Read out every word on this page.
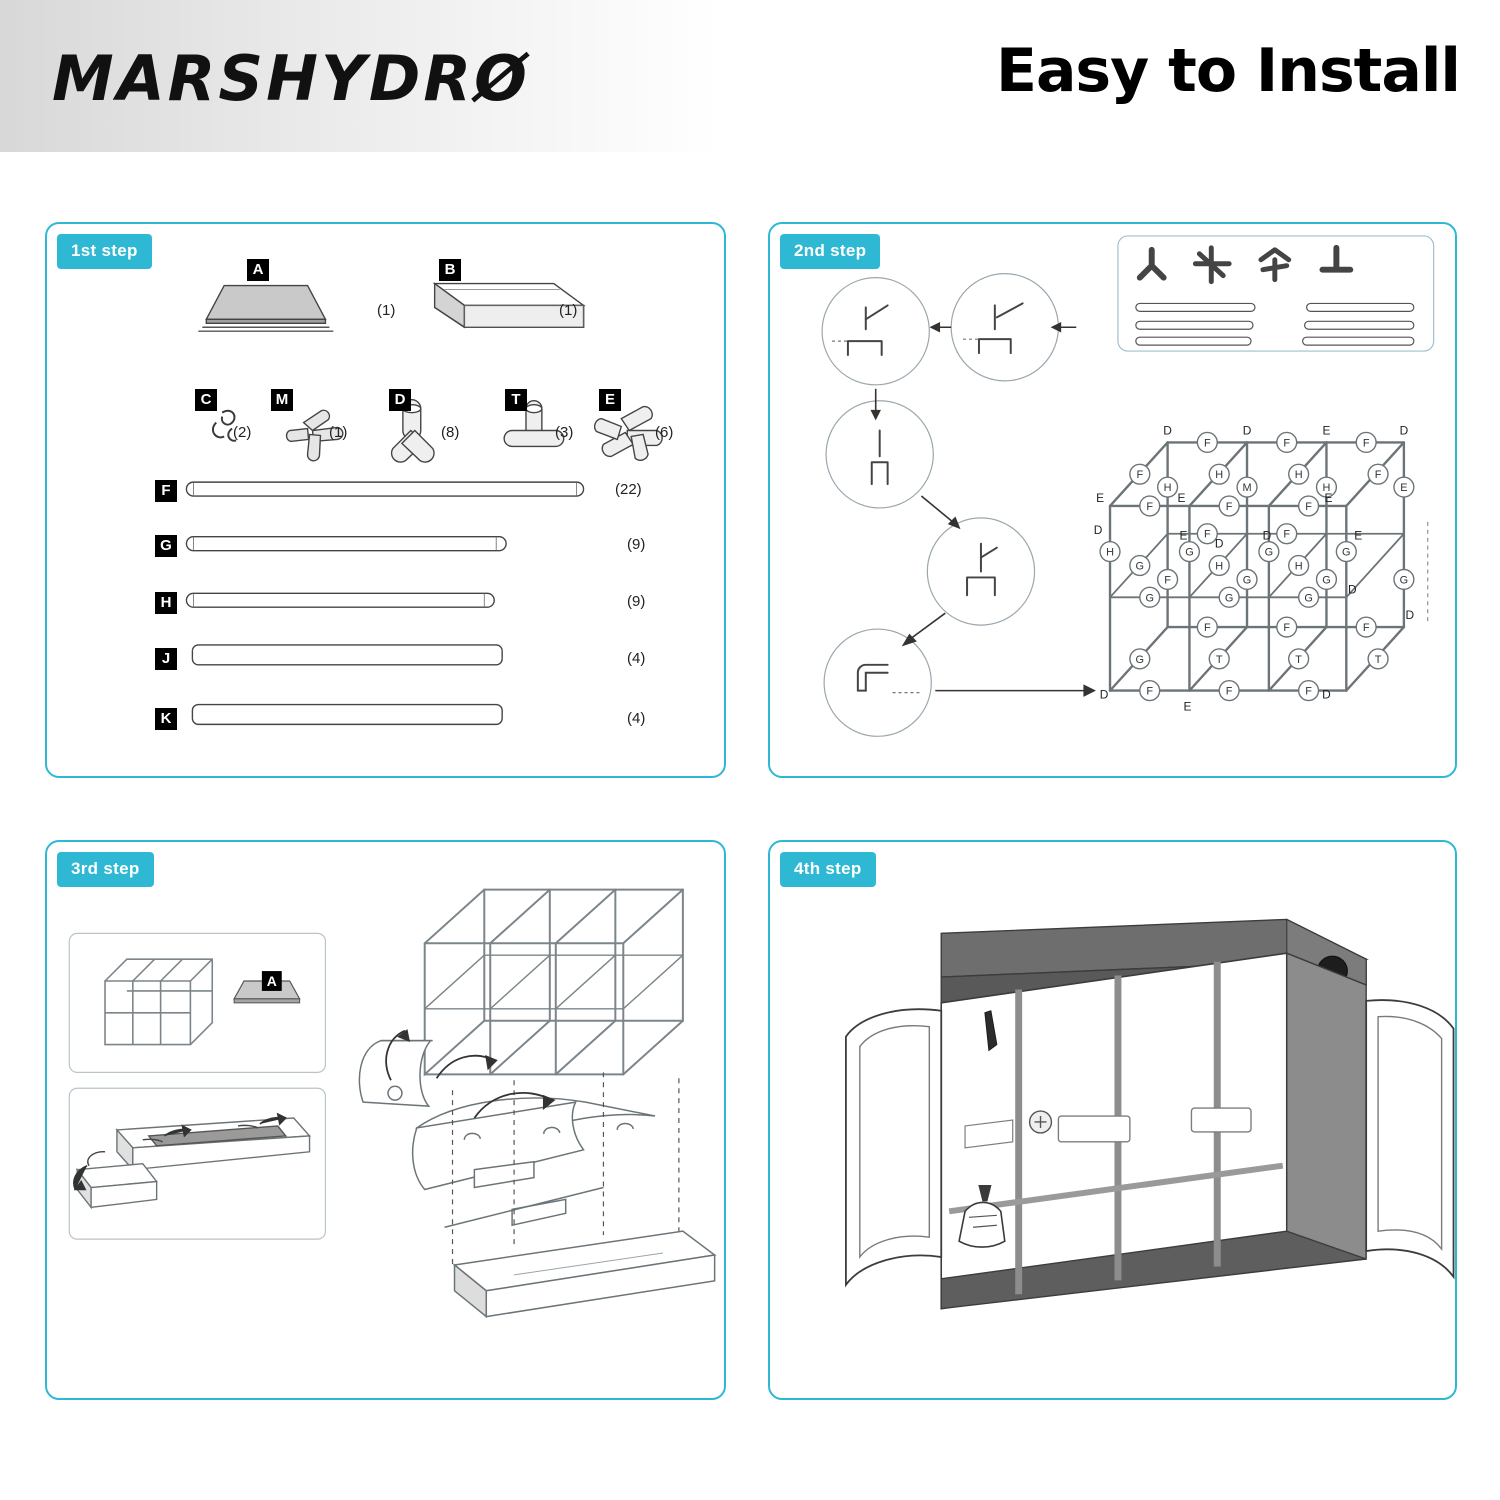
MARSHYDRØ	Easy to Install
1st step
A
(1)
B
(1)
C
(2)
M
(1)
D
(8)
T
(3)
E
(6)
F	(22)
G	(9)
H	(9)
J	(4)
K	(4)
2nd step
F	F	F
F	H	H	F
F	F	F
H	M	H	E
H	G	G	G
F	G	G	G
F	F
G	H	H
G	G	G
F	F	F
F	F	F
G	T	T	T
D	D	E	D
E	E	E
D	E	D	E
D
D
D
E
D
D
3rd step
A
4th step
